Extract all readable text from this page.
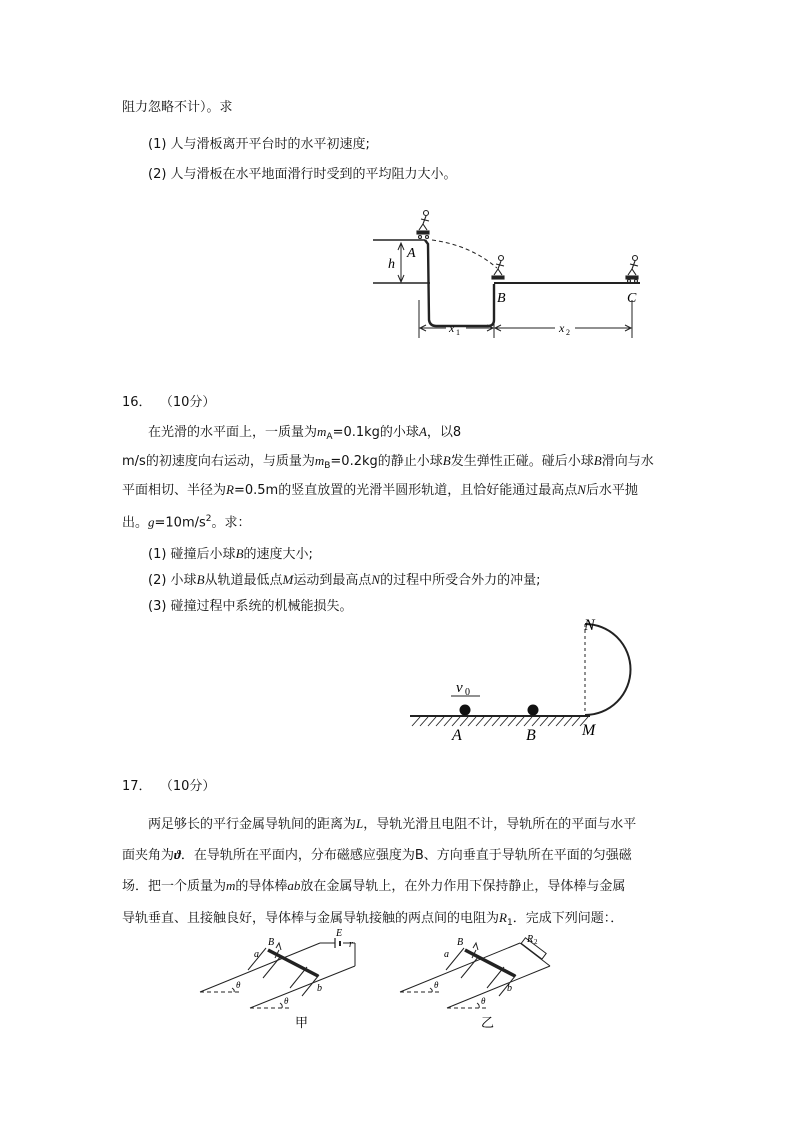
阻力忽略不计）。求
(1) 人与滑板离开平台时的水平初速度;
(2) 人与滑板在水平地面滑行时受到的平均阻力大小。
A
h
B	C
x 1	x 2
16． （10分）
在光滑的水平面上，一质量为$m_A=0.1kg$的小球A，以8
m/s的初速度向右运动，与质量为$m_B=0.2kg$的静止小球B发生弹性正碰。碰后小球B滑向与水
平面相切、半径为R=0.5m的竖直放置的光滑半圆形轨道，且恰好能通过最高点N后水平抛
出。$g=10m/s^2$。求：
(1) 碰撞后小球B的速度大小;
(2) 小球B从轨道最低点M运动到最高点N的过程中所受合外力的冲量;
(3) 碰撞过程中系统的机械能损失。
N
M
A	B
v 0
17． （10分）
两足够长的平行金属导轨间的距离为L，导轨光滑且电阻不计，导轨所在的平面与水平
面夹角为ϑ．在导轨所在平面内，分布磁感应强度为B、方向垂直于导轨所在平面的匀强磁
场．把一个质量为m的导体棒ab放在金属导轨上，在外力作用下保持静止，导体棒与金属
导轨垂直、且接触良好，导体棒与金属导轨接触的两点间的电阻为$R_1$．完成下列问题：．
B
a
b
E
r
θ
θ
甲
B
a
b
R 2
θ
θ
乙
